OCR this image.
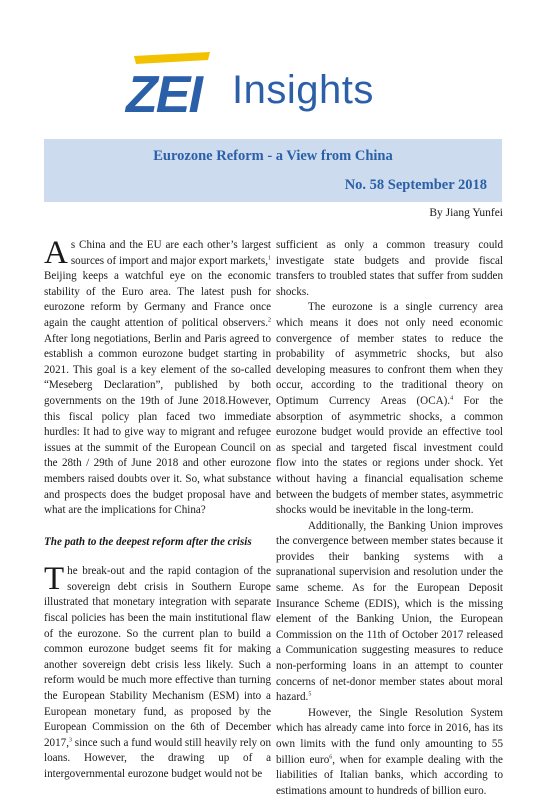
ZEI Insights
Eurozone Reform - a View from China
No. 58 September 2018
By Jiang Yunfei

As China and the EU are each other’s largest sources of import and major export markets,$^1$ Beijing keeps a watchful eye on the economic stability of the Euro area. The latest push for eurozone reform by Germany and France once again the caught attention of political observers.$^2$ After long negotiations, Berlin and Paris agreed to establish a common eurozone budget starting in 2021. This goal is a key element of the so-called “Meseberg Declaration”, published by both governments on the 19th of June 2018.However, this fiscal policy plan faced two immediate hurdles: It had to give way to migrant and refugee issues at the summit of the European Council on the 28th / 29th of June 2018 and other eurozone members raised doubts over it. So, what substance and prospects does the budget proposal have and what are the implications for China?

The path to the deepest reform after the crisis

The break-out and the rapid contagion of the sovereign debt crisis in Southern Europe illustrated that monetary integration with separate fiscal policies has been the main institutional flaw of the eurozone. So the current plan to build a common eurozone budget seems fit for making another sovereign debt crisis less likely. Such a reform would be much more effective than turning the European Stability Mechanism (ESM) into a European monetary fund, as proposed by the European Commission on the 6th of December 2017,$^3$ since such a fund would still heavily rely on loans. However, the drawing up of a intergovernmental eurozone budget would not be

sufficient as only a common treasury could investigate state budgets and provide fiscal transfers to troubled states that suffer from sudden shocks.

The eurozone is a single currency area which means it does not only need economic convergence of member states to reduce the probability of asymmetric shocks, but also developing measures to confront them when they occur, according to the traditional theory on Optimum Currency Areas (OCA).$^4$ For the absorption of asymmetric shocks, a common eurozone budget would provide an effective tool as special and targeted fiscal investment could flow into the states or regions under shock. Yet without having a financial equalisation scheme between the budgets of member states, asymmetric shocks would be inevitable in the long-term.

Additionally, the Banking Union improves the convergence between member states because it provides their banking systems with a supranational supervision and resolution under the same scheme. As for the European Deposit Insurance Scheme (EDIS), which is the missing element of the Banking Union, the European Commission on the 11th of October 2017 released a Communication suggesting measures to reduce non-performing loans in an attempt to counter concerns of net-donor member states about moral hazard.$^5$

However, the Single Resolution System which has already came into force in 2016, has its own limits with the fund only amounting to 55 billion euro$^6$, when for example dealing with the liabilities of Italian banks, which according to estimations amount to hundreds of billion euro.
